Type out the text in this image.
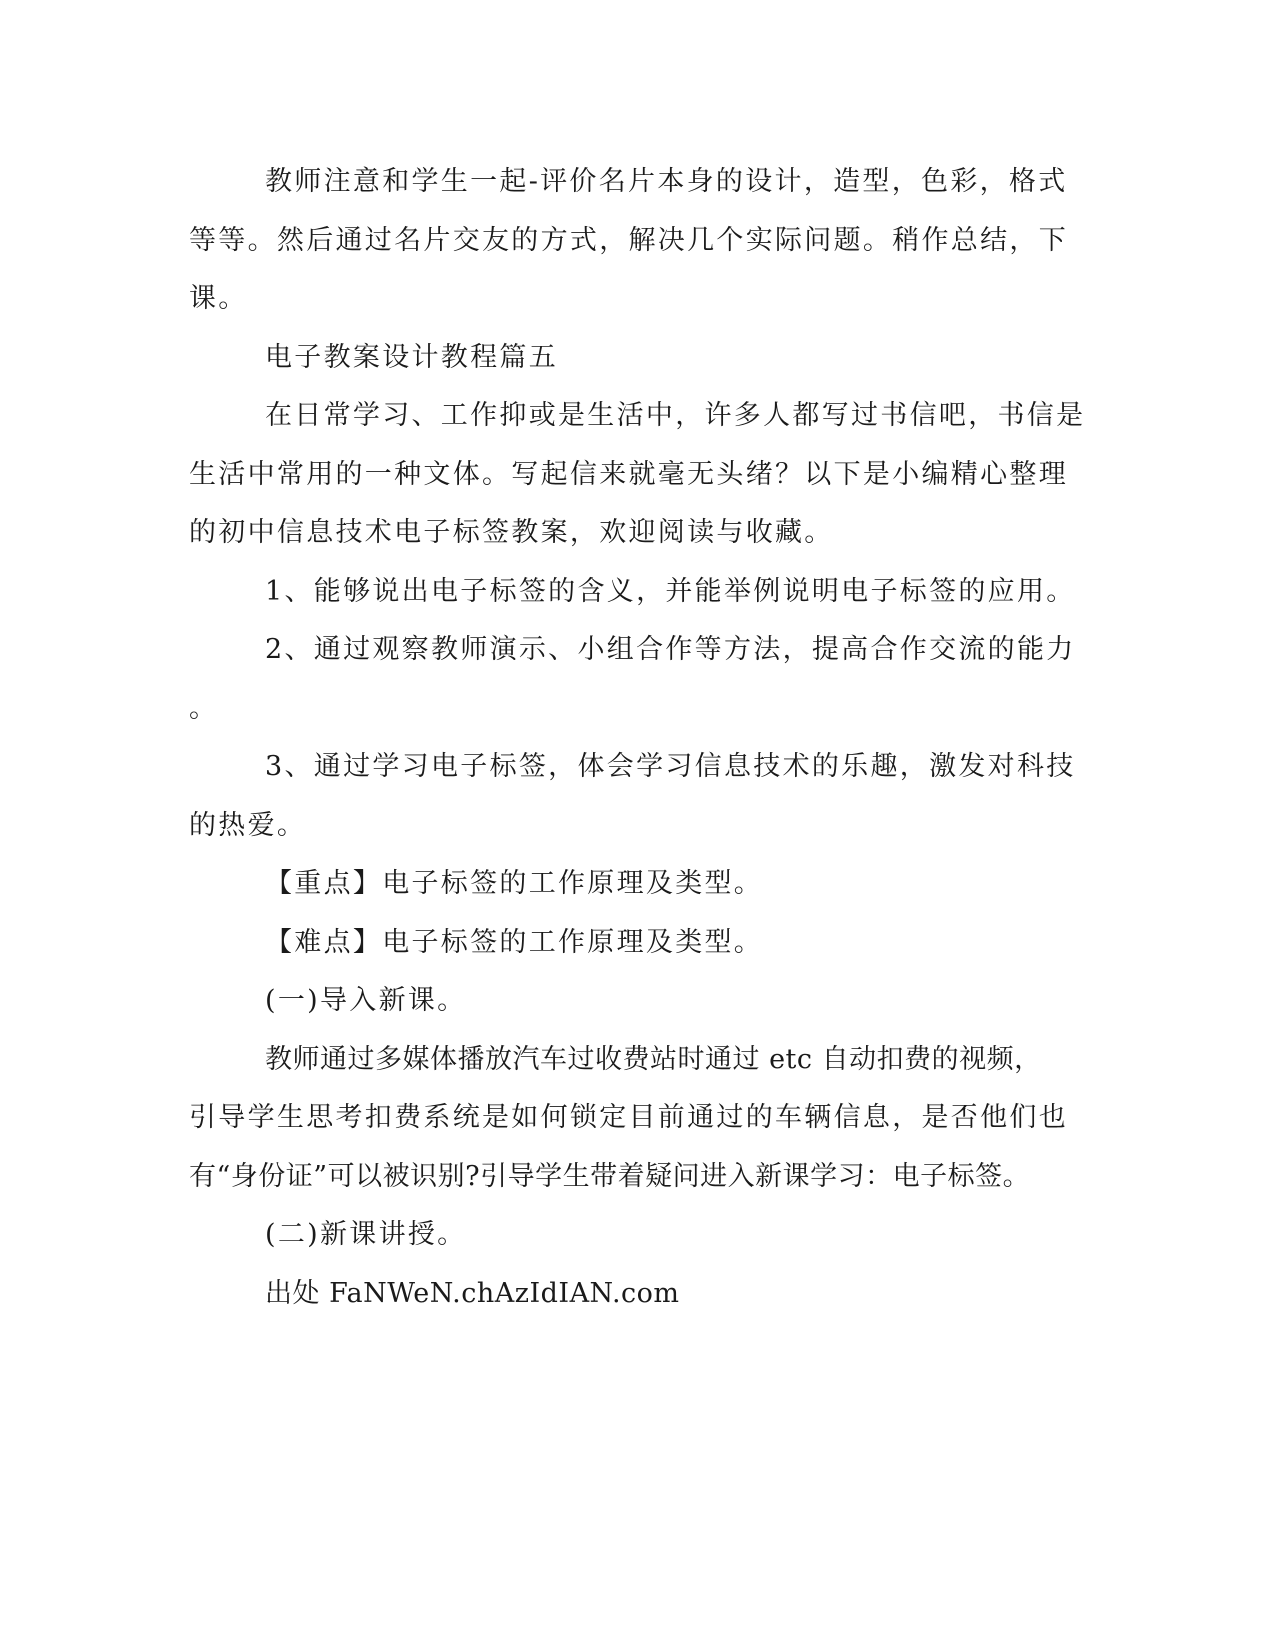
教师注意和学生一起-评价名片本身的设计，造型，色彩，格式
等等。然后通过名片交友的方式，解决几个实际问题。稍作总结，下
课。
电子教案设计教程篇五
在日常学习、工作抑或是生活中，许多人都写过书信吧，书信是
生活中常用的一种文体。写起信来就毫无头绪？以下是小编精心整理
的初中信息技术电子标签教案，欢迎阅读与收藏。
1、能够说出电子标签的含义，并能举例说明电子标签的应用。
2、通过观察教师演示、小组合作等方法，提高合作交流的能力
。
3、通过学习电子标签，体会学习信息技术的乐趣，激发对科技
的热爱。
【重点】电子标签的工作原理及类型。
【难点】电子标签的工作原理及类型。
(一)导入新课。
教师通过多媒体播放汽车过收费站时通过 etc 自动扣费的视频，
引导学生思考扣费系统是如何锁定目前通过的车辆信息，是否他们也
有“身份证”可以被识别?引导学生带着疑问进入新课学习：电子标签。
(二)新课讲授。
出处 FaNWeN.chAzIdIAN.com
